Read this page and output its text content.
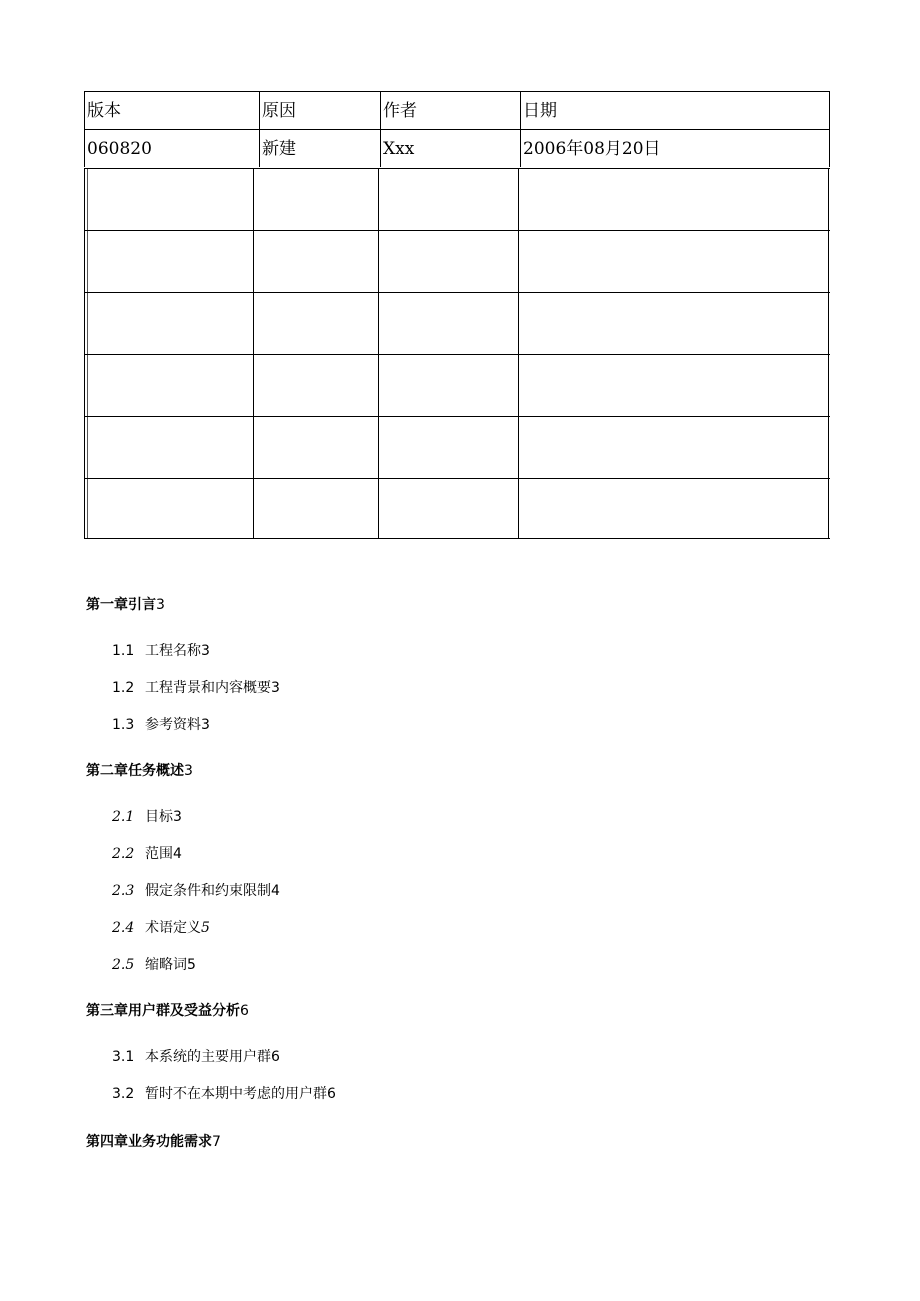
版本	原因	作者	日期
060820	新建	Xxx	2006年08月20日
第一章引言3
1.1 工程名称3
1.2 工程背景和内容概要3
1.3 参考资料3
第二章任务概述3
2.1 目标3
2.2 范围4
2.3 假定条件和约束限制4
2.4 术语定义5
2.5 缩略词5
第三章用户群及受益分析6
3.1 本系统的主要用户群6
3.2 暂时不在本期中考虑的用户群6
第四章业务功能需求7
